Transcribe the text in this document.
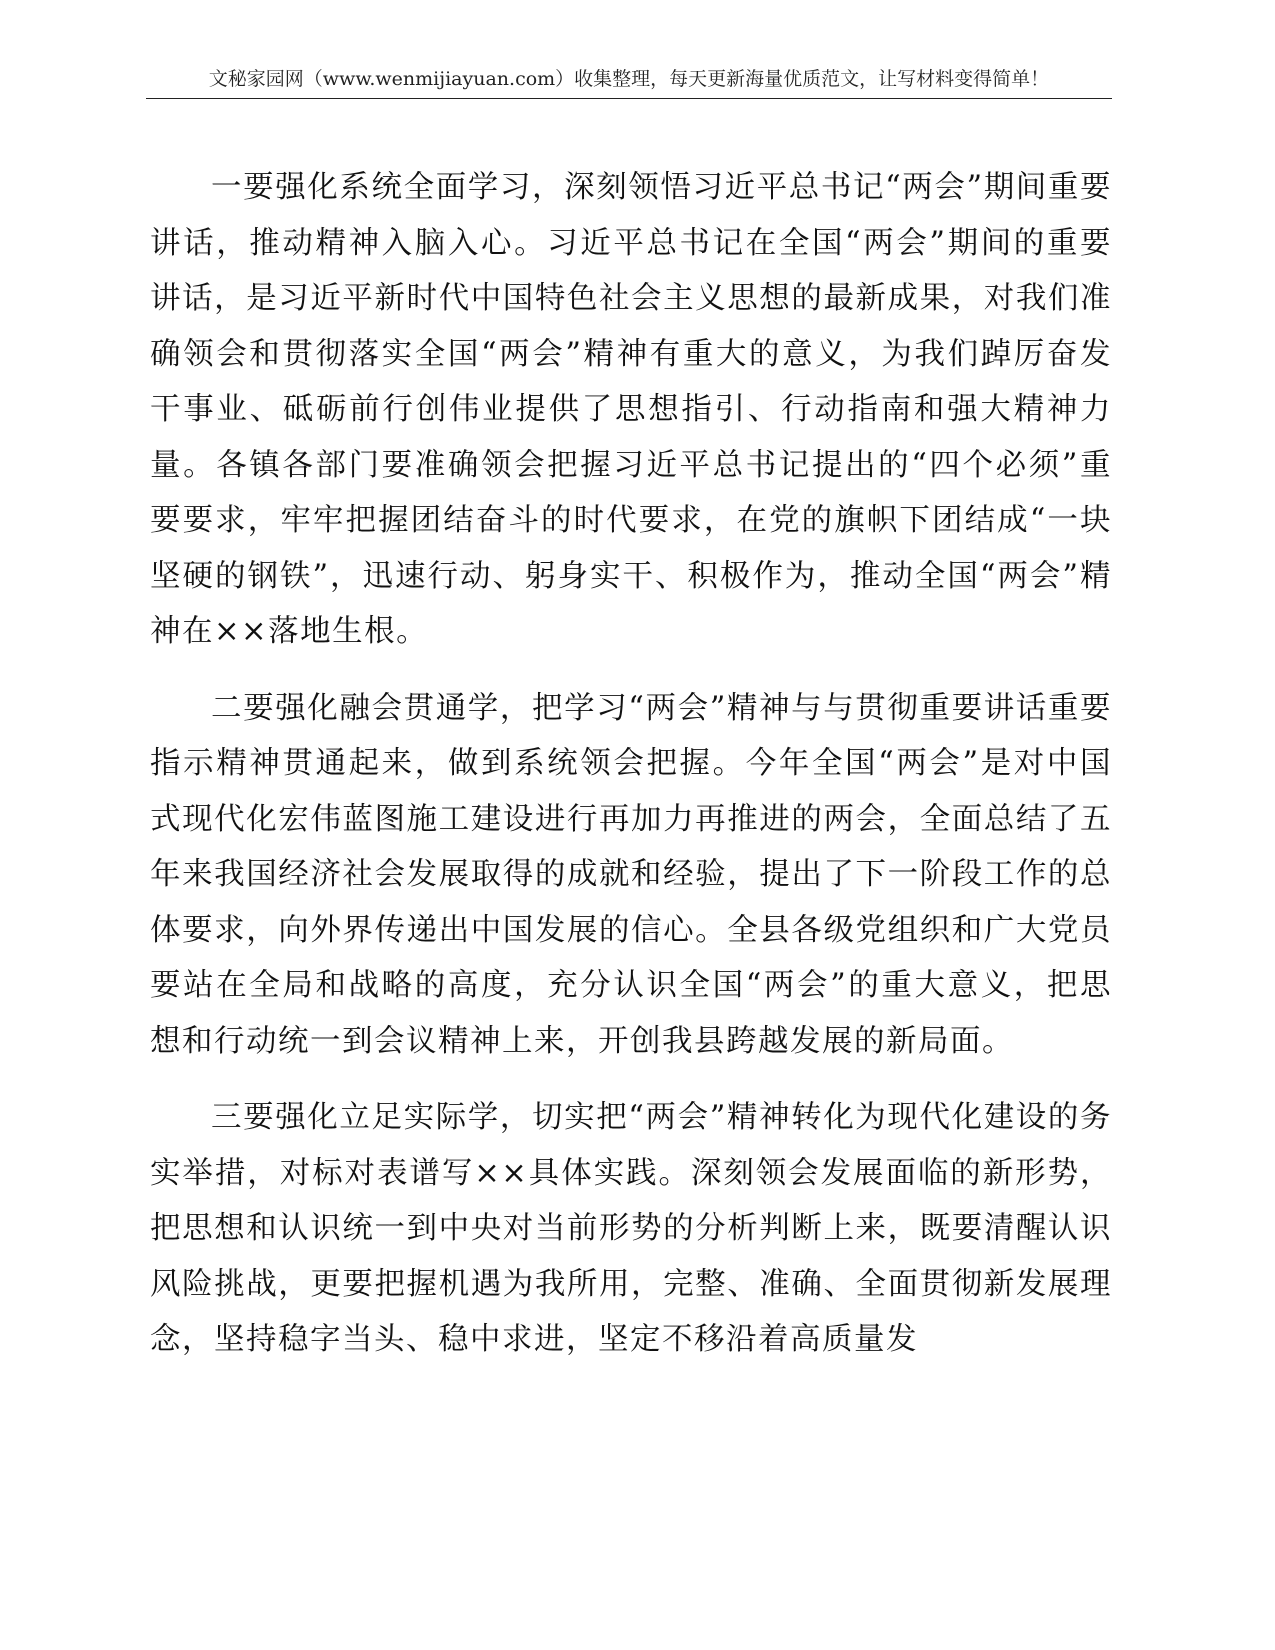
文秘家园网（www.wenmijiayuan.com）收集整理，每天更新海量优质范文，让写材料变得简单！

一要强化系统全面学习，深刻领悟习近平总书记“两会”期间重要讲话，推动精神入脑入心。习近平总书记在全国“两会”期间的重要讲话，是习近平新时代中国特色社会主义思想的最新成果，对我们准确领会和贯彻落实全国“两会”精神有重大的意义，为我们踔厉奋发干事业、砥砺前行创伟业提供了思想指引、行动指南和强大精神力量。各镇各部门要准确领会把握习近平总书记提出的“四个必须”重要要求，牢牢把握团结奋斗的时代要求，在党的旗帜下团结成“一块坚硬的钢铁”，迅速行动、躬身实干、积极作为，推动全国“两会”精神在××落地生根。

二要强化融会贯通学，把学习“两会”精神与与贯彻重要讲话重要指示精神贯通起来，做到系统领会把握。今年全国“两会”是对中国式现代化宏伟蓝图施工建设进行再加力再推进的两会，全面总结了五年来我国经济社会发展取得的成就和经验，提出了下一阶段工作的总体要求，向外界传递出中国发展的信心。全县各级党组织和广大党员要站在全局和战略的高度，充分认识全国“两会”的重大意义，把思想和行动统一到会议精神上来，开创我县跨越发展的新局面。

三要强化立足实际学，切实把“两会”精神转化为现代化建设的务实举措，对标对表谱写××具体实践。深刻领会发展面临的新形势，把思想和认识统一到中央对当前形势的分析判断上来，既要清醒认识风险挑战，更要把握机遇为我所用，完整、准确、全面贯彻新发展理念，坚持稳字当头、稳中求进，坚定不移沿着高质量发
